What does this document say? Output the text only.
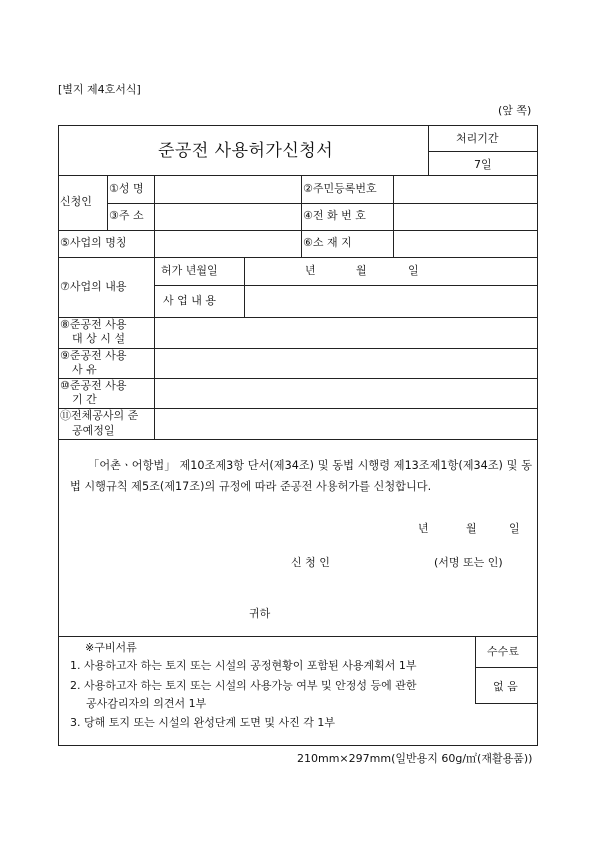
[별지 제4호서식]
(앞 쪽)
준공전 사용허가신청서
처리기간
7일
신청인
①성 명	②주민등록번호
③주 소	④전 화 번 호
⑤사업의 명칭	⑥소 재 지
⑦사업의 내용
허가 년월일	년	월	일
사 업 내 용
⑧준공전 사용
대 상 시 설
⑨준공전 사용
사 유
⑩준공전 사용
기 간
⑪전체공사의 준
공예정일
「어촌ㆍ어항법」 제10조제3항 단서(제34조) 및 동법 시행령 제13조제1항(제34조) 및 동법 시행규칙 제5조(제17조)의 규정에 따라 준공전 사용허가를 신청합니다.
년	월	일
신 청 인	(서명 또는 인)
귀하
※구비서류
1. 사용하고자 하는 토지 또는 시설의 공정현황이 포함된 사용계획서 1부
2. 사용하고자 하는 토지 또는 시설의 사용가능 여부 및 안정성 등에 관한
공사감리자의 의견서 1부
3. 당해 토지 또는 시설의 완성단계 도면 및 사진 각 1부
수수료
없 음
210mm×297mm(일반용지 60g/㎡(재활용품))
